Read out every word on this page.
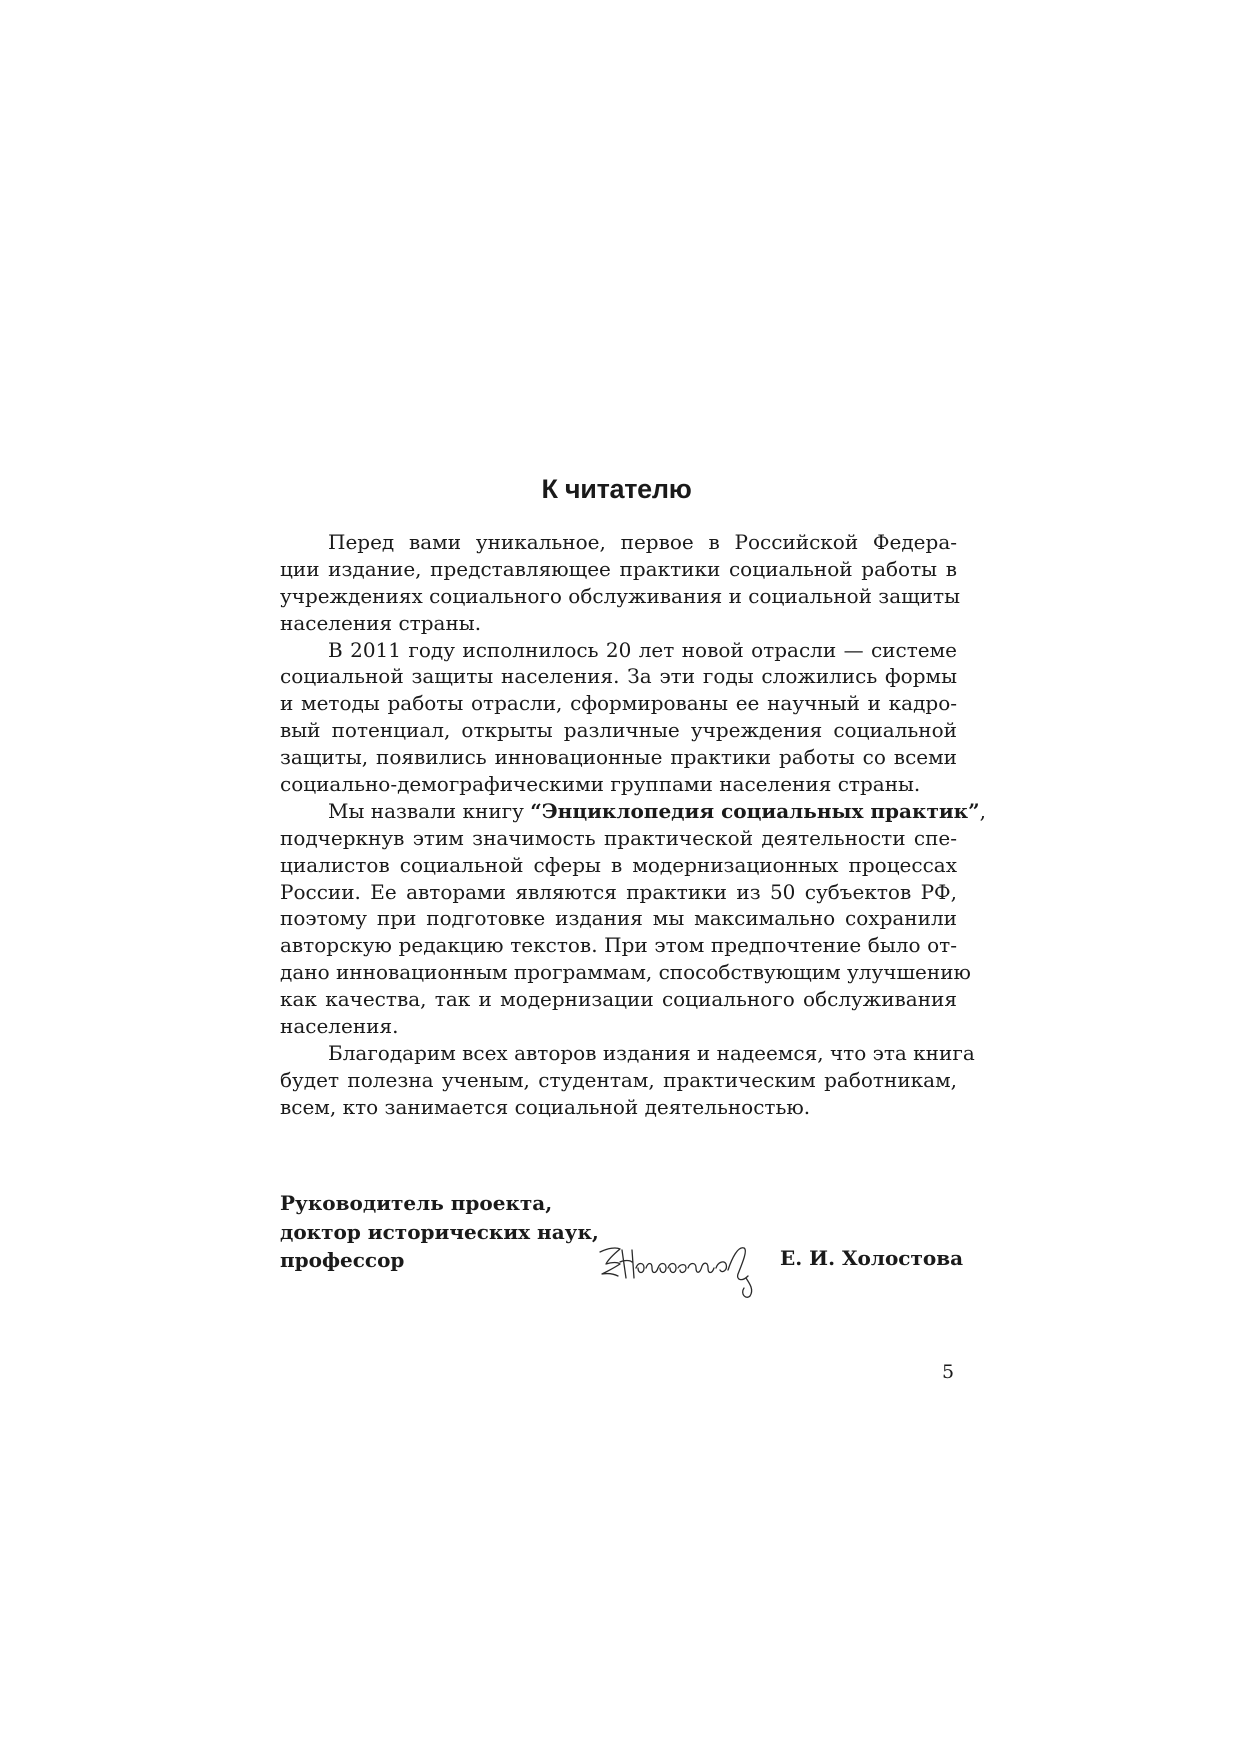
К читателю
Перед вами уникальное, первое в Российской Федера-
ции издание, представляющее практики социальной работы в
учреждениях социального обслуживания и социальной защиты
населения страны.
В 2011 году исполнилось 20 лет новой отрасли — системе
социальной защиты населения. За эти годы сложились формы
и методы работы отрасли, сформированы ее научный и кадро-
вый потенциал, открыты различные учреждения социальной
защиты, появились инновационные практики работы со всеми
социально-демографическими группами населения страны.
Мы назвали книгу “Энциклопедия социальных практик”,
подчеркнув этим значимость практической деятельности спе-
циалистов социальной сферы в модернизационных процессах
России. Ее авторами являются практики из 50 субъектов РФ,
поэтому при подготовке издания мы максимально сохранили
авторскую редакцию текстов. При этом предпочтение было от-
дано инновационным программам, способствующим улучшению
как качества, так и модернизации социального обслуживания
населения.
Благодарим всех авторов издания и надеемся, что эта книга
будет полезна ученым, студентам, практическим работникам,
всем, кто занимается социальной деятельностью.
Руководитель проекта,
доктор исторических наук,
профессор	Е. И. Холостова
5
